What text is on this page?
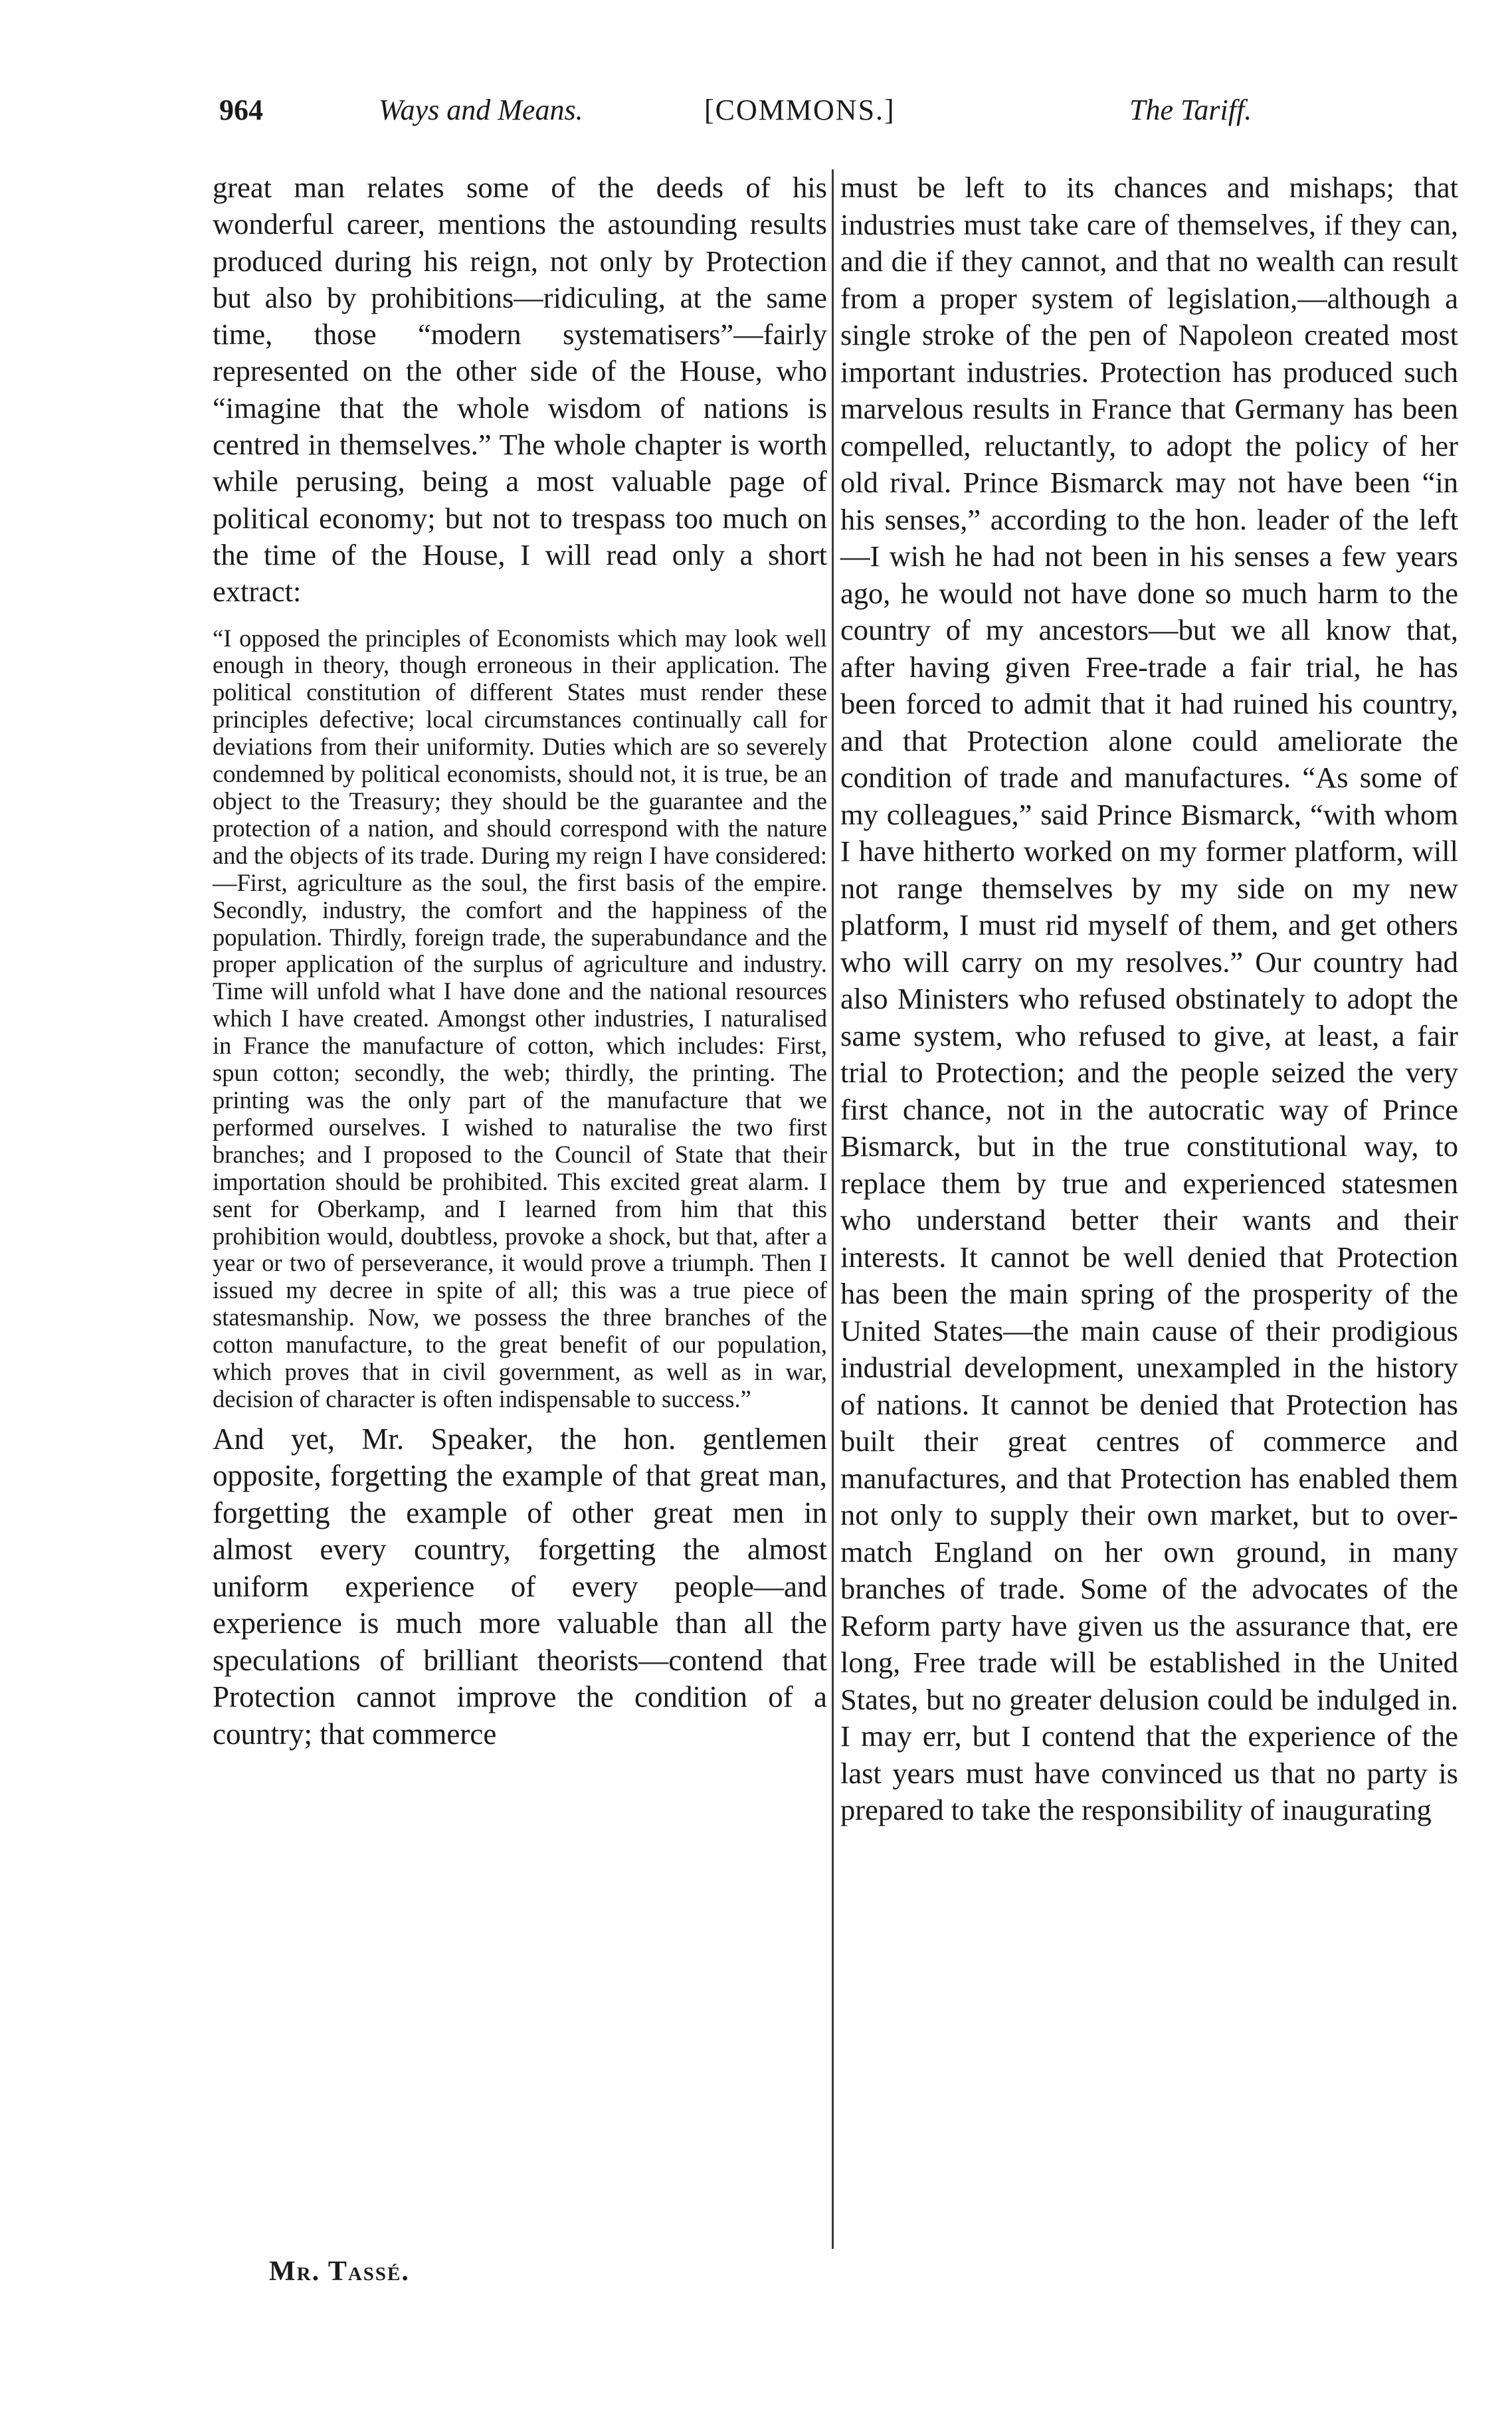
964	Ways and Means.	[COMMONS.]	The Tariff.

great man relates some of the deeds of his wonderful career, mentions the astounding results produced during his reign, not only by Protection but also by prohibitions—ridiculing, at the same time, those “modern systematisers”—fairly represented on the other side of the House, who “imagine that the whole wisdom of nations is centred in themselves.” The whole chapter is worth while perusing, being a most valuable page of political economy; but not to trespass too much on the time of the House, I will read only a short extract:

“I opposed the principles of Economists which may look well enough in theory, though erroneous in their application. The political constitution of different States must render these principles defective; local circumstances continually call for deviations from their uniformity. Duties which are so severely condemned by political economists, should not, it is true, be an object to the Treasury; they should be the guarantee and the protection of a nation, and should correspond with the nature and the objects of its trade. During my reign I have considered:—First, agriculture as the soul, the first basis of the empire. Secondly, industry, the comfort and the happiness of the population. Thirdly, foreign trade, the superabundance and the proper application of the surplus of agriculture and industry. Time will unfold what I have done and the national resources which I have created. Amongst other industries, I naturalised in France the manufacture of cotton, which includes: First, spun cotton; secondly, the web; thirdly, the printing. The printing was the only part of the manufacture that we performed ourselves. I wished to naturalise the two first branches; and I proposed to the Council of State that their importation should be prohibited. This excited great alarm. I sent for Oberkamp, and I learned from him that this prohibition would, doubtless, provoke a shock, but that, after a year or two of perseverance, it would prove a triumph. Then I issued my decree in spite of all; this was a true piece of statesmanship. Now, we possess the three branches of the cotton manufacture, to the great benefit of our population, which proves that in civil government, as well as in war, decision of character is often indispensable to success.”

And yet, Mr. Speaker, the hon. gentlemen opposite, forgetting the example of that great man, forgetting the example of other great men in almost every country, forgetting the almost uniform experience of every people—and experience is much more valuable than all the speculations of brilliant theorists—contend that Protection cannot improve the condition of a country; that commerce

must be left to its chances and mishaps; that industries must take care of themselves, if they can, and die if they cannot, and that no wealth can result from a proper system of legislation,—although a single stroke of the pen of Napoleon created most important industries. Protection has produced such marvelous results in France that Germany has been compelled, reluctantly, to adopt the policy of her old rival. Prince Bismarck may not have been “in his senses,” according to the hon. leader of the left—I wish he had not been in his senses a few years ago, he would not have done so much harm to the country of my ancestors—but we all know that, after having given Free-trade a fair trial, he has been forced to admit that it had ruined his country, and that Protection alone could ameliorate the condition of trade and manufactures. “As some of my colleagues,” said Prince Bismarck, “with whom I have hitherto worked on my former platform, will not range themselves by my side on my new platform, I must rid myself of them, and get others who will carry on my resolves.” Our country had also Ministers who refused obstinately to adopt the same system, who refused to give, at least, a fair trial to Protection; and the people seized the very first chance, not in the autocratic way of Prince Bismarck, but in the true constitutional way, to replace them by true and experienced statesmen who understand better their wants and their interests. It cannot be well denied that Protection has been the main spring of the prosperity of the United States—the main cause of their prodigious industrial development, unexampled in the history of nations. It cannot be denied that Protection has built their great centres of commerce and manufactures, and that Protection has enabled them not only to supply their own market, but to over-match England on her own ground, in many branches of trade. Some of the advocates of the Reform party have given us the assurance that, ere long, Free trade will be established in the United States, but no greater delusion could be indulged in. I may err, but I contend that the experience of the last years must have convinced us that no party is prepared to take the responsibility of inaugurating

Mr. Tassé.
